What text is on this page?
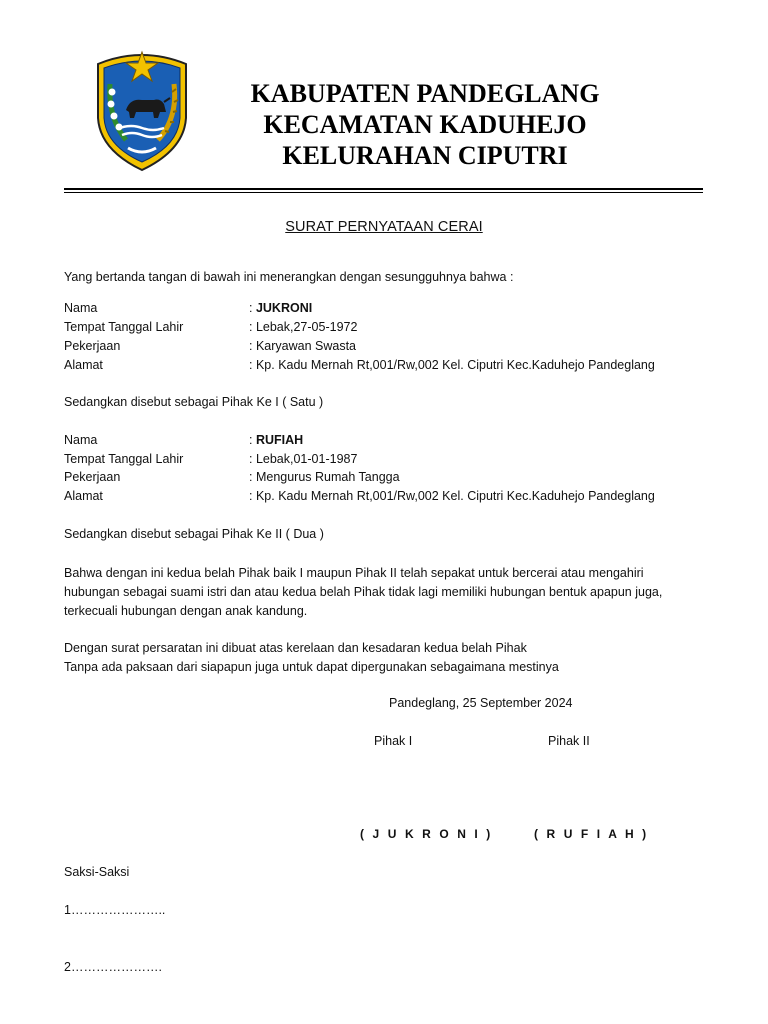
KABUPATEN PANDEGLANG
KECAMATAN KADUHEJO
KELURAHAN CIPUTRI
SURAT PERNYATAAN CERAI
Yang bertanda tangan di bawah ini menerangkan dengan sesungguhnya bahwa :
Nama	: JUKRONI
Tempat Tanggal Lahir	: Lebak,27-05-1972
Pekerjaan	: Karyawan Swasta
Alamat	: Kp. Kadu Mernah Rt,001/Rw,002 Kel. Ciputri Kec.Kaduhejo Pandeglang
Sedangkan disebut sebagai Pihak Ke I ( Satu )
Nama	: RUFIAH
Tempat Tanggal Lahir	: Lebak,01-01-1987
Pekerjaan	: Mengurus Rumah Tangga
Alamat	: Kp. Kadu Mernah Rt,001/Rw,002 Kel. Ciputri Kec.Kaduhejo Pandeglang
Sedangkan disebut sebagai Pihak Ke II ( Dua )
Bahwa dengan ini kedua belah Pihak baik I maupun Pihak II telah sepakat untuk bercerai atau mengahiri
hubungan sebagai suami istri dan atau kedua belah Pihak tidak lagi memiliki hubungan bentuk apapun juga,
terkecuali hubungan dengan anak kandung.
Dengan surat persaratan ini dibuat atas kerelaan dan kesadaran kedua belah Pihak
Tanpa ada paksaan dari siapapun juga untuk dapat dipergunakan sebagaimana mestinya
Pandeglang, 25 September 2024
Pihak I	Pihak II
( J U K R O N I )	( R U F I A H )
Saksi-Saksi
1…………………..
2………………….
